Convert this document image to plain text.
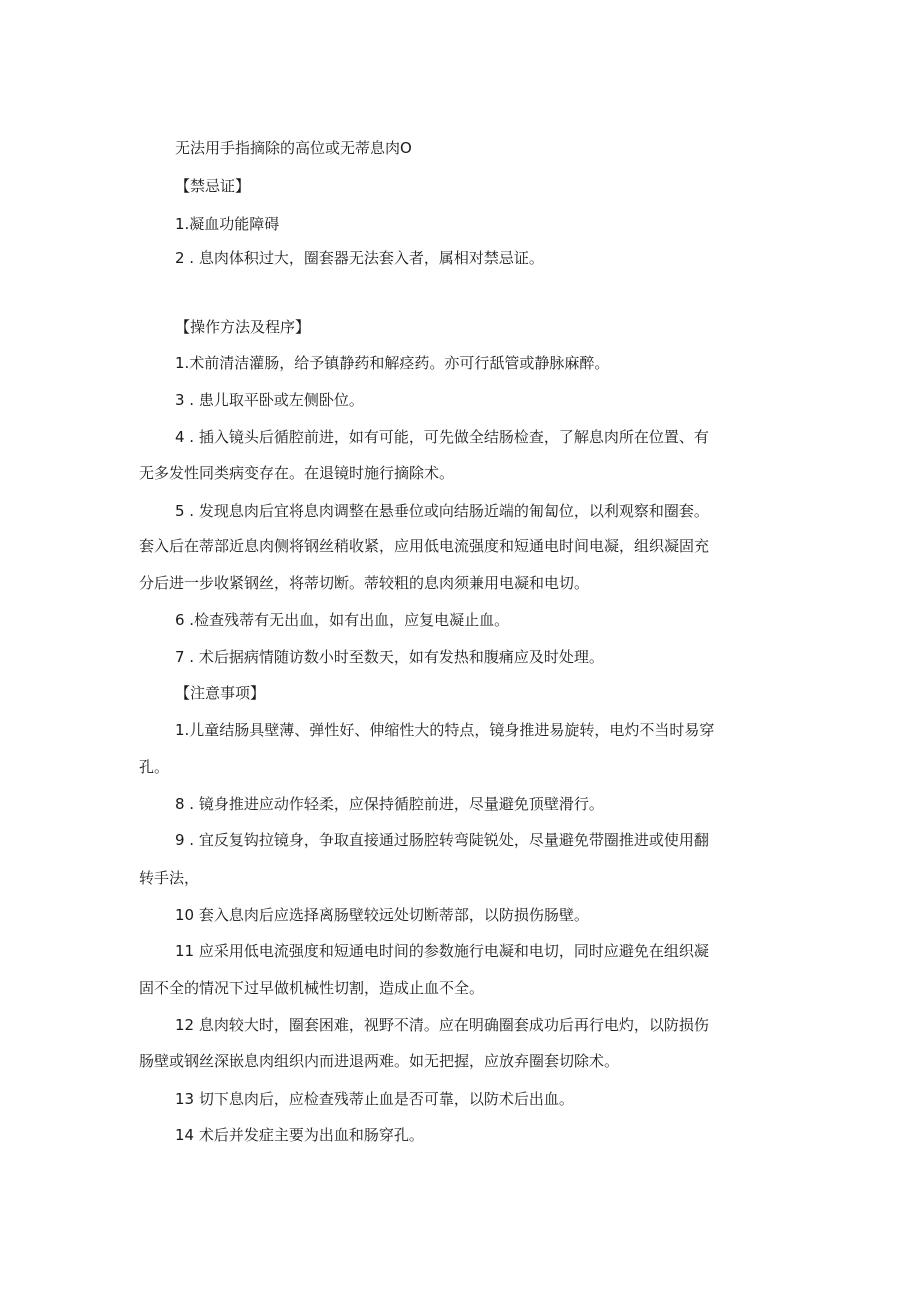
无法用手指摘除的高位或无蒂息肉O

【禁忌证】

1.凝血功能障碍

2 . 息肉体积过大，圈套器无法套入者，属相对禁忌证。

【操作方法及程序】

1.术前清洁灌肠，给予镇静药和解痉药。亦可行舐管或静脉麻醉。

3 . 患儿取平卧或左侧卧位。

4 . 插入镜头后循腔前进，如有可能，可先做全结肠检查，了解息肉所在位置、有

无多发性同类病变存在。在退镜时施行摘除术。

5 . 发现息肉后宜将息肉调整在悬垂位或向结肠近端的匍匐位，以利观察和圈套。

套入后在蒂部近息肉侧将钢丝稍收紧，应用低电流强度和短通电时间电凝，组织凝固充

分后进一步收紧钢丝，将蒂切断。蒂较粗的息肉须兼用电凝和电切。

6 .检查残蒂有无出血，如有出血，应复电凝止血。

7 . 术后据病情随访数小时至数天，如有发热和腹痛应及时处理。

【注意事项】

1.儿童结肠具壁薄、弹性好、伸缩性大的特点，镜身推进易旋转，电灼不当时易穿

孔。

8 . 镜身推进应动作轻柔，应保持循腔前进，尽量避免顶壁滑行。

9 . 宜反复钩拉镜身，争取直接通过肠腔转弯陡锐处，尽量避免带圈推进或使用翻

转手法，

10 套入息肉后应选择离肠壁较远处切断蒂部，以防损伤肠壁。

11 应采用低电流强度和短通电时间的参数施行电凝和电切，同时应避免在组织凝

固不全的情况下过早做机械性切割，造成止血不全。

12 息肉较大时，圈套困难，视野不清。应在明确圈套成功后再行电灼，以防损伤

肠壁或钢丝深嵌息肉组织内而进退两难。如无把握，应放弃圈套切除术。

13 切下息肉后，应检查残蒂止血是否可靠，以防术后出血。

14 术后并发症主要为出血和肠穿孔。
